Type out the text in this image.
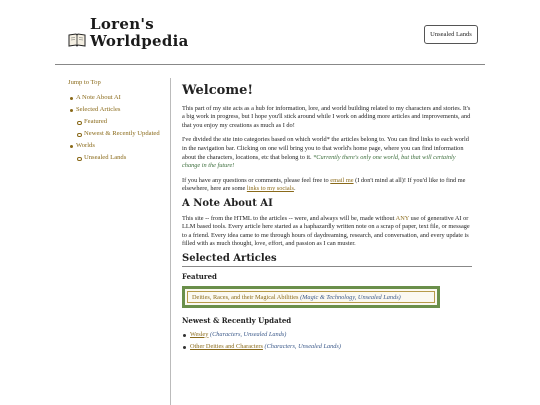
Loren's
Worldpedia	Unsealed Lands
Jump to Top
A Note About AI
Selected Articles
Featured
Newest & Recently Updated
Worlds
Unsealed Lands
Welcome!

This part of my site acts as a hub for information, lore, and world building related to my characters and stories. It's a big work in progress, but I hope you'll stick around while I work on adding more articles and improvements, and that you enjoy my creations as much as I do!

I've divided the site into categories based on which world* the articles belong to. You can find links to each world in the navigation bar. Clicking on one will bring you to that world's home page, where you can find information about the characters, locations, etc that belong to it. *Currently there's only one world, but that will certainly change in the future!

If you have any questions or comments, please feel free to email me (I don't mind at all)! If you'd like to find me elsewhere, here are some links to my socials.

A Note About AI

This site -- from the HTML to the articles -- were, and always will be, made without ANY use of generative AI or LLM based tools. Every article here started as a haphazardly written note on a scrap of paper, text file, or message to a friend. Every idea came to me through hours of daydreaming, research, and conversation, and every update is filled with as much thought, love, effort, and passion as I can muster.

Selected Articles
Featured
Deities, Races, and their Magical Abilities (Magic & Technology, Unsealed Lands)
Newest & Recently Updated
Wesley (Characters, Unsealed Lands)
Other Deities and Characters (Characters, Unsealed Lands)
